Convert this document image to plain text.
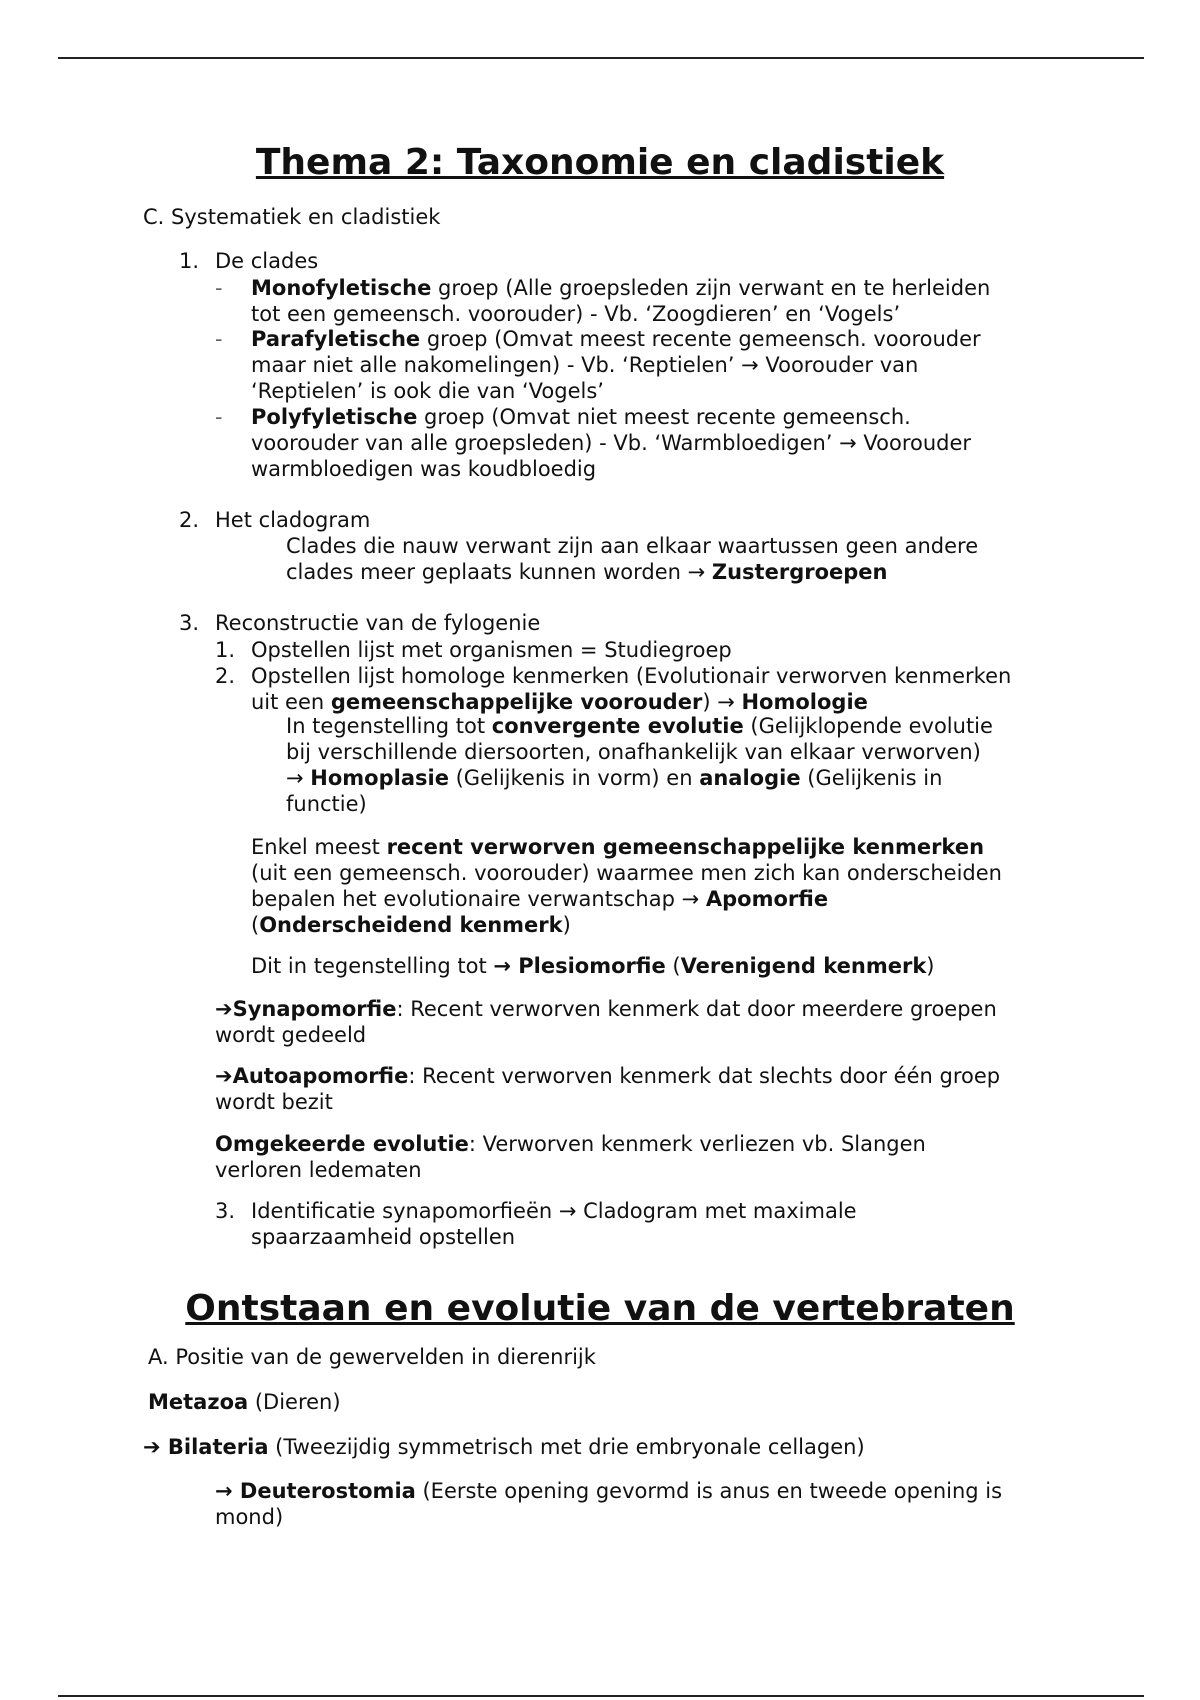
Thema 2: Taxonomie en cladistiek
C. Systematiek en cladistiek
1. De clades
-	Monofyletische groep (Alle groepsleden zijn verwant en te herleiden

tot een gemeensch. voorouder) - Vb. ‘Zoogdieren’ en ‘Vogels’

-	Parafyletische groep (Omvat meest recente gemeensch. voorouder

maar niet alle nakomelingen) - Vb. ‘Reptielen’ → Voorouder van

‘Reptielen’ is ook die van ‘Vogels’

-	Polyfyletische groep (Omvat niet meest recente gemeensch.

voorouder van alle groepsleden) - Vb. ‘Warmbloedigen’ → Voorouder

warmbloedigen was koudbloedig

2. Het cladogram

Clades die nauw verwant zijn aan elkaar waartussen geen andere

clades meer geplaats kunnen worden → Zustergroepen

3. Reconstructie van de fylogenie
1. Opstellen lijst met organismen = Studiegroep
2. Opstellen lijst homologe kenmerken (Evolutionair verworven kenmerken

uit een gemeenschappelijke voorouder) → Homologie

In tegenstelling tot convergente evolutie (Gelijklopende evolutie

bij verschillende diersoorten, onafhankelijk van elkaar verworven)

→ Homoplasie (Gelijkenis in vorm) en analogie (Gelijkenis in

functie)

Enkel meest recent verworven gemeenschappelijke kenmerken

(uit een gemeensch. voorouder) waarmee men zich kan onderscheiden

bepalen het evolutionaire verwantschap → Apomorfie

(Onderscheidend kenmerk)

Dit in tegenstelling tot → Plesiomorfie (Verenigend kenmerk)

➔Synapomorfie: Recent verworven kenmerk dat door meerdere groepen

wordt gedeeld

➔Autoapomorfie: Recent verworven kenmerk dat slechts door één groep

wordt bezit

Omgekeerde evolutie: Verworven kenmerk verliezen vb. Slangen

verloren ledematen

3. Identificatie synapomorfieën → Cladogram met maximale

spaarzaamheid opstellen

Ontstaan en evolutie van de vertebraten
A. Positie van de gewervelden in dierenrijk

Metazoa (Dieren)

➔ Bilateria (Tweezijdig symmetrisch met drie embryonale cellagen)

→ Deuterostomia (Eerste opening gevormd is anus en tweede opening is

mond)
